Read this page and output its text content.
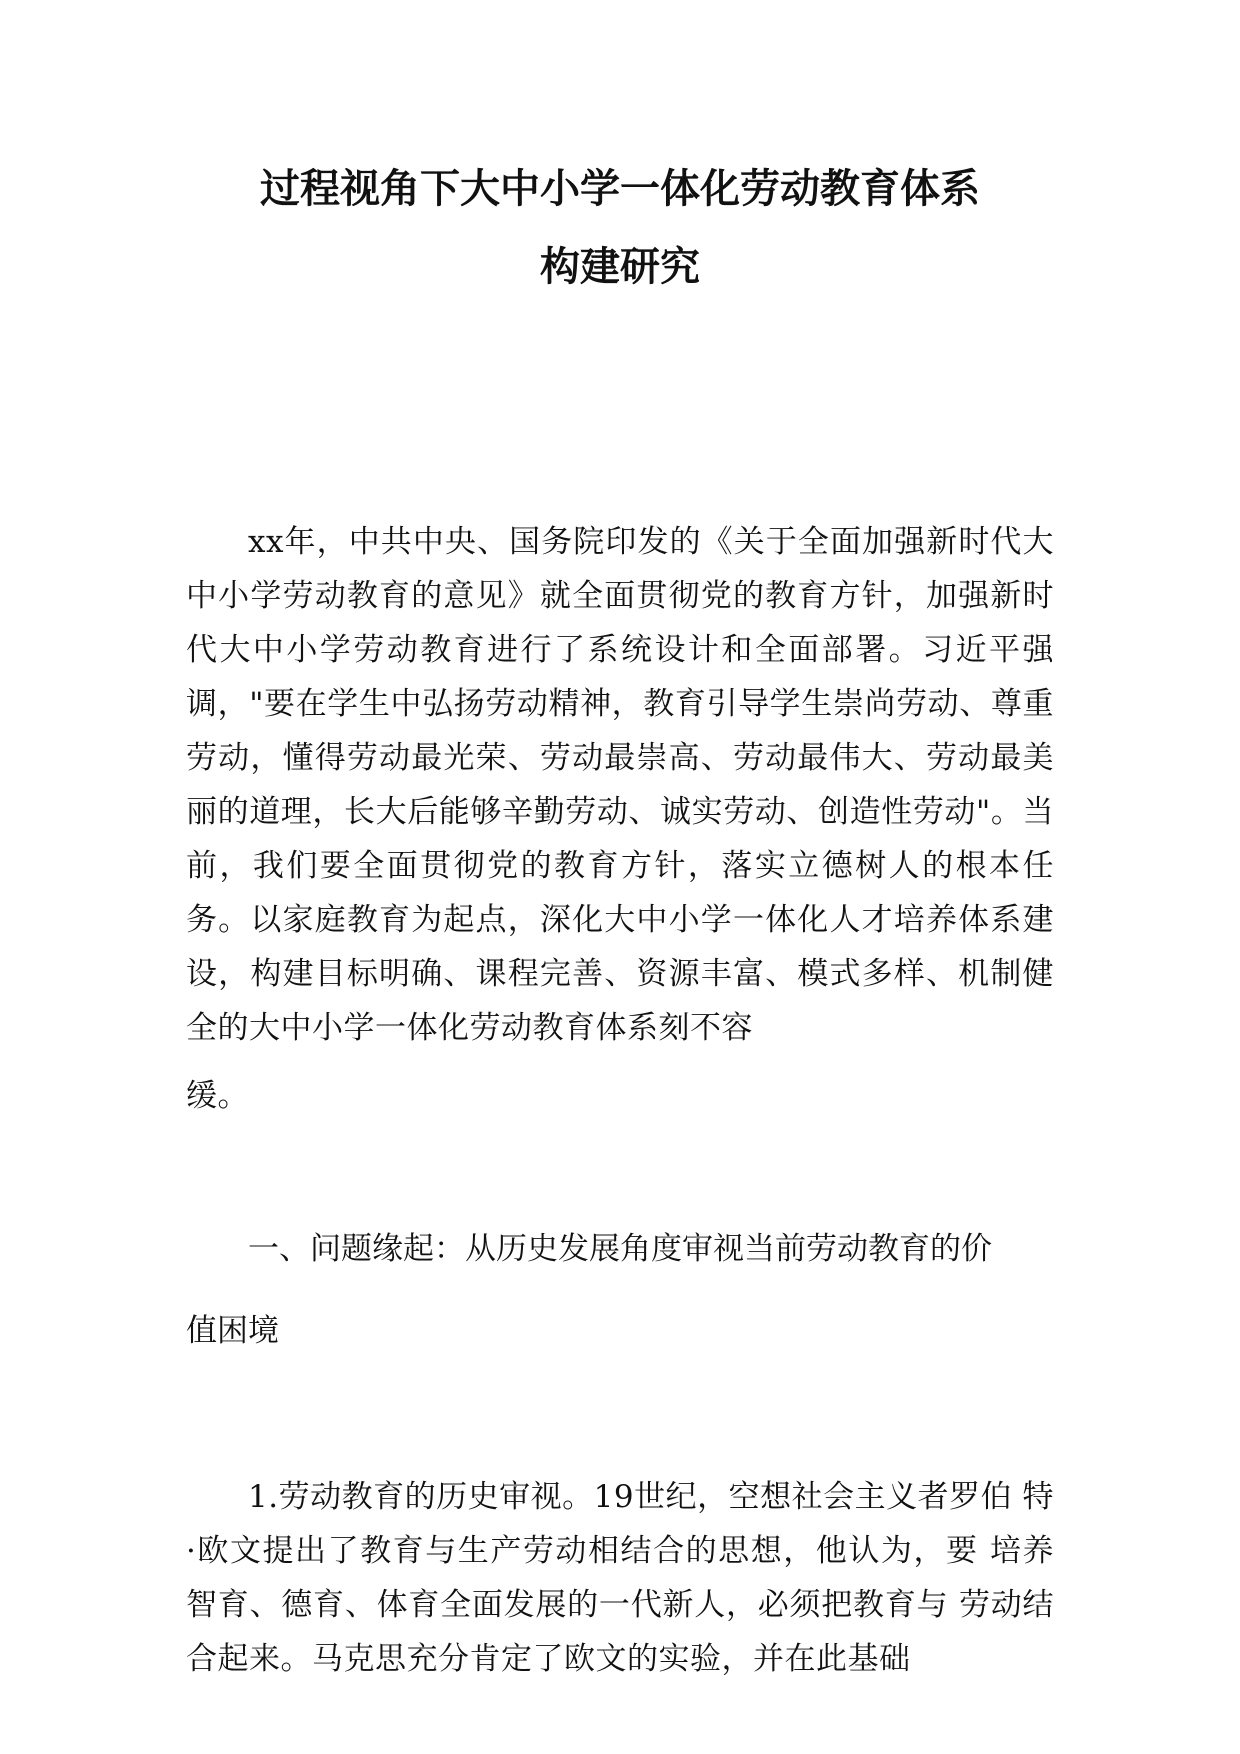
过程视角下大中小学一体化劳动教育体系
构建研究

xx年，中共中央、国务院印发的《关于全面加强新时代大中小学劳动教育的意见》就全面贯彻党的教育方针，加强新时代大中小学劳动教育进行了系统设计和全面部署。习近平强调，"要在学生中弘扬劳动精神，教育引导学生崇尚劳动、尊重劳动，懂得劳动最光荣、劳动最崇高、劳动最伟大、劳动最美丽的道理，长大后能够辛勤劳动、诚实劳动、创造性劳动"。当前，我们要全面贯彻党的教育方针，落实立德树人的根本任务。以家庭教育为起点，深化大中小学一体化人才培养体系建设，构建目标明确、课程完善、资源丰富、模式多样、机制健全的大中小学一体化劳动教育体系刻不容
缓。

一、问题缘起：从历史发展角度审视当前劳动教育的价
值困境

1.劳动教育的历史审视。19世纪，空想社会主义者罗伯 特 ·欧文提出了教育与生产劳动相结合的思想，他认为，要 培养智育、德育、体育全面发展的一代新人，必须把教育与 劳动结合起来。马克思充分肯定了欧文的实验，并在此基础
